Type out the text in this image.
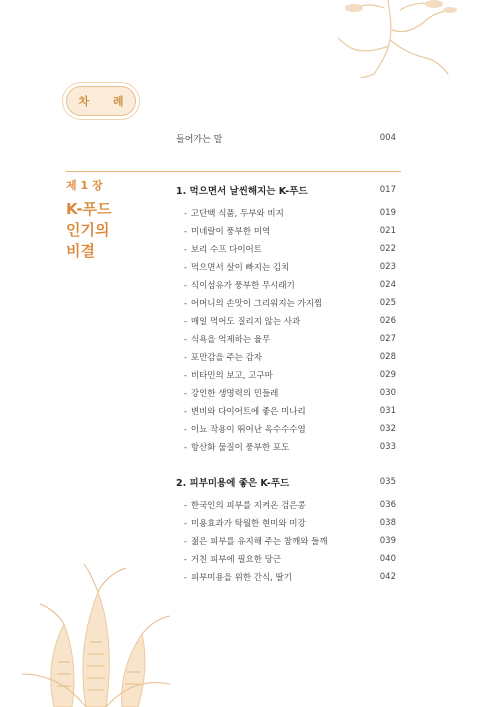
차 례
들어가는 말	004
제 1 장
K-푸드
인기의
비결
1. 먹으면서 날씬해지는 K-푸드	017
- 고단백 식품, 두부와 비지	019
- 미네랄이 풍부한 미역	021
- 보리 수프 다이어트	022
- 먹으면서 살이 빠지는 김치	023
- 식이섬유가 풍부한 무시래기	024
- 어머니의 손맛이 그리워지는 가지찜	025
- 매일 먹어도 질리지 않는 사과	026
- 식욕을 억제하는 율무	027
- 포만감을 주는 감자	028
- 비타민의 보고, 고구마	029
- 강인한 생명력의 민들레	030
- 변비와 다이어트에 좋은 미나리	031
- 이뇨 작용이 뛰어난 옥수수수염	032
- 항산화 물질이 풍부한 포도	033
2. 피부미용에 좋은 K-푸드	035
- 한국인의 피부를 지켜온 검은콩	036
- 미용효과가 탁월한 현미와 미강	038
- 젊은 피부를 유지해 주는 참깨와 들깨	039
- 거친 피부에 필요한 당근	040
- 피부미용을 위한 간식, 딸기	042
